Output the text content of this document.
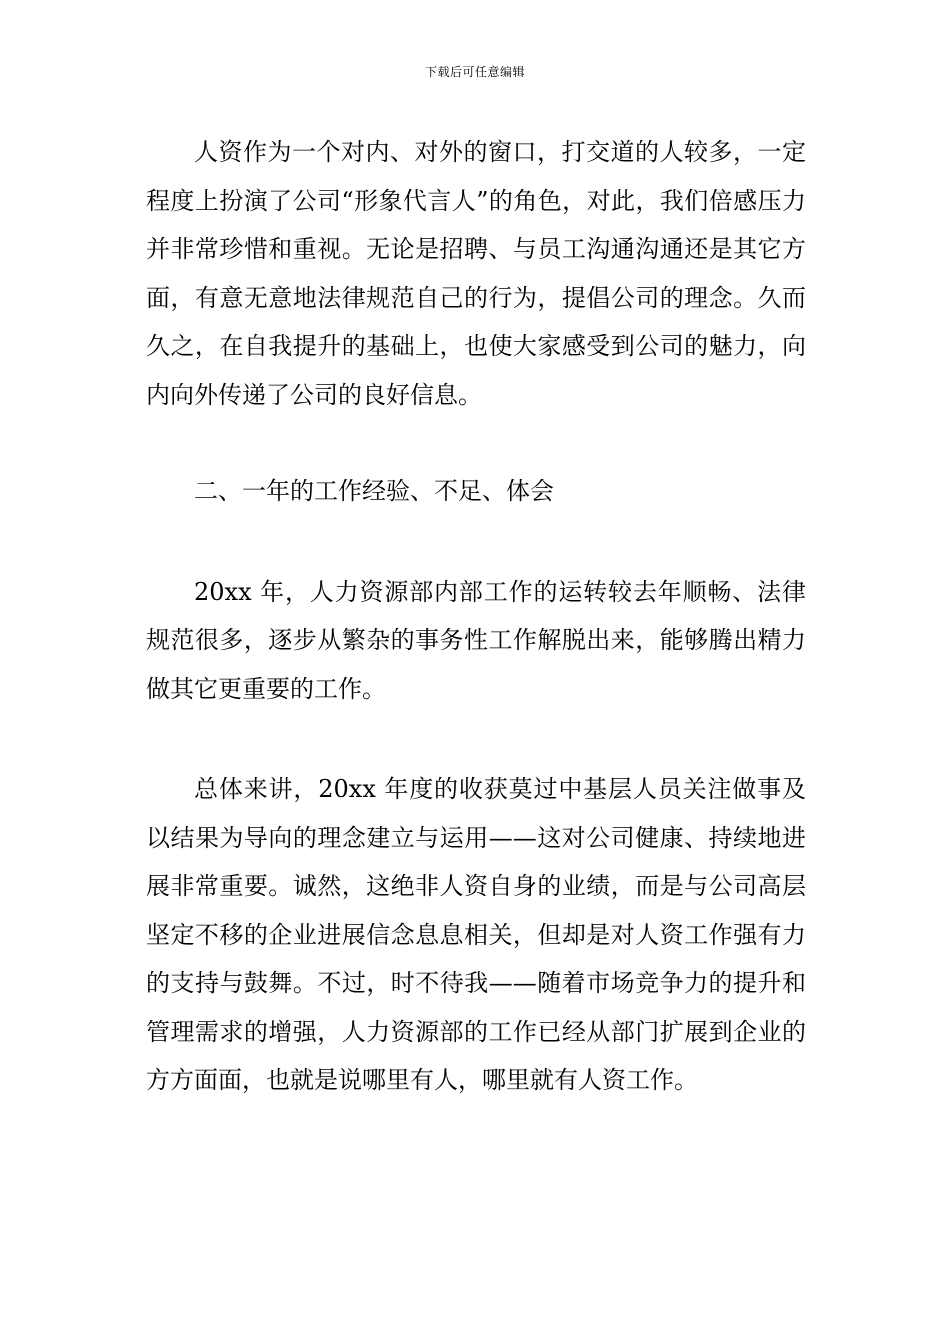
下载后可任意编辑

人资作为一个对内、对外的窗口，打交道的人较多，一定程度上扮演了公司“形象代言人”的角色，对此，我们倍感压力并非常珍惜和重视。无论是招聘、与员工沟通沟通还是其它方面，有意无意地法律规范自己的行为，提倡公司的理念。久而久之，在自我提升的基础上，也使大家感受到公司的魅力，向内向外传递了公司的良好信息。

二、一年的工作经验、不足、体会

20xx 年，人力资源部内部工作的运转较去年顺畅、法律规范很多，逐步从繁杂的事务性工作解脱出来，能够腾出精力做其它更重要的工作。

总体来讲，20xx 年度的收获莫过中基层人员关注做事及以结果为导向的理念建立与运用——这对公司健康、持续地进展非常重要。诚然，这绝非人资自身的业绩，而是与公司高层坚定不移的企业进展信念息息相关，但却是对人资工作强有力的支持与鼓舞。不过，时不待我——随着市场竞争力的提升和管理需求的增强，人力资源部的工作已经从部门扩展到企业的方方面面，也就是说哪里有人，哪里就有人资工作。
